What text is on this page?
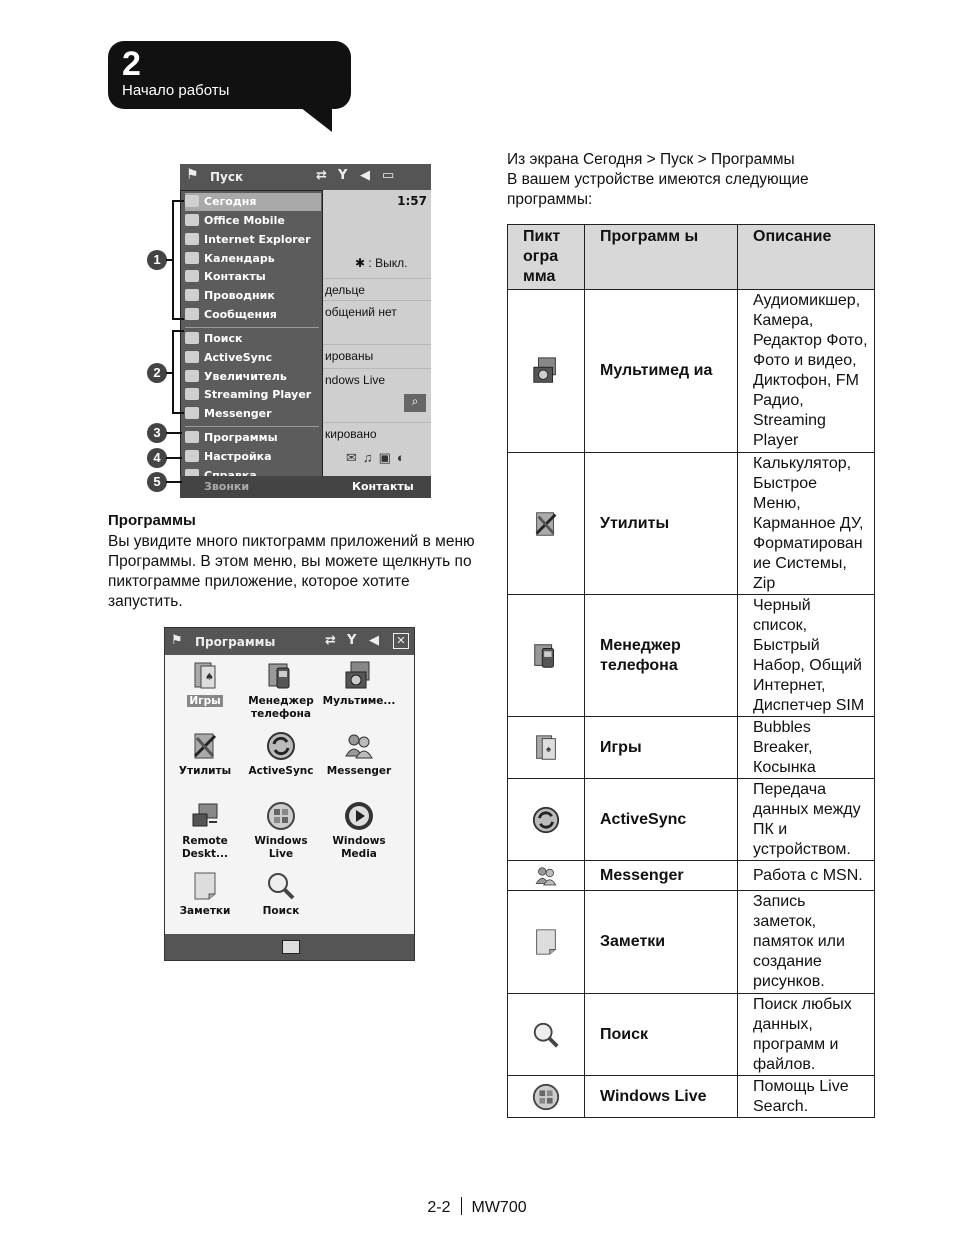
2
Начало работы
⚑ Пуск	⇄ Y ◀ ▭
1:57
✱ : Выкл.
дельце
общений нет
ированы
ndows Live
⌕
кировано
✉♫▣◐
Сегодня
Office Mobile
Internet Explorer
Календарь
Контакты
Проводник
Сообщения
Поиск
ActiveSync
Увеличитель
Streaming Player
Messenger
Программы
Настройка
Звонки	Контакты
1
2
3
4
5
Программы
Вы увидите много пиктограмм приложений в меню Программы. В этом меню, вы можете щелкнуть по пиктограмме приложение, которое хотите запустить.
⚑ Программы	⇄ Y ◀	✕
♠
Игры	Менеджер телефона
Мультиме...
Утилиты	ActiveSync	Messenger
Remote Deskt...
Windows Live
Windows Media
Заметки	Поиск
Из экрана Сегодня > Пуск > Программы
В вашем устройстве имеются следующие программы:
Пикт огра мма	Программ ы	Описание
	Мультимед иа	Аудиомикшер, Камера, Редактор Фото, Фото и видео, Диктофон, FM Радио, Streaming Player
	Утилиты	Калькулятор, Быстрое Меню, Карманное ДУ, Форматирован ие Системы, Zip
	Менеджер телефона	Черный список, Быстрый Набор, Общий Интернет, Диспетчер SIM

♠	Игры	Bubbles Breaker, Косынка
	ActiveSync	Передача данных между ПК и устройством.
	Messenger	Работа с MSN.
	Заметки	Запись заметок, памяток или создание рисунков.
	Поиск	Поиск любых данных, программ и файлов.
	Windows Live	Помощь Live Search.
2-2 MW700
